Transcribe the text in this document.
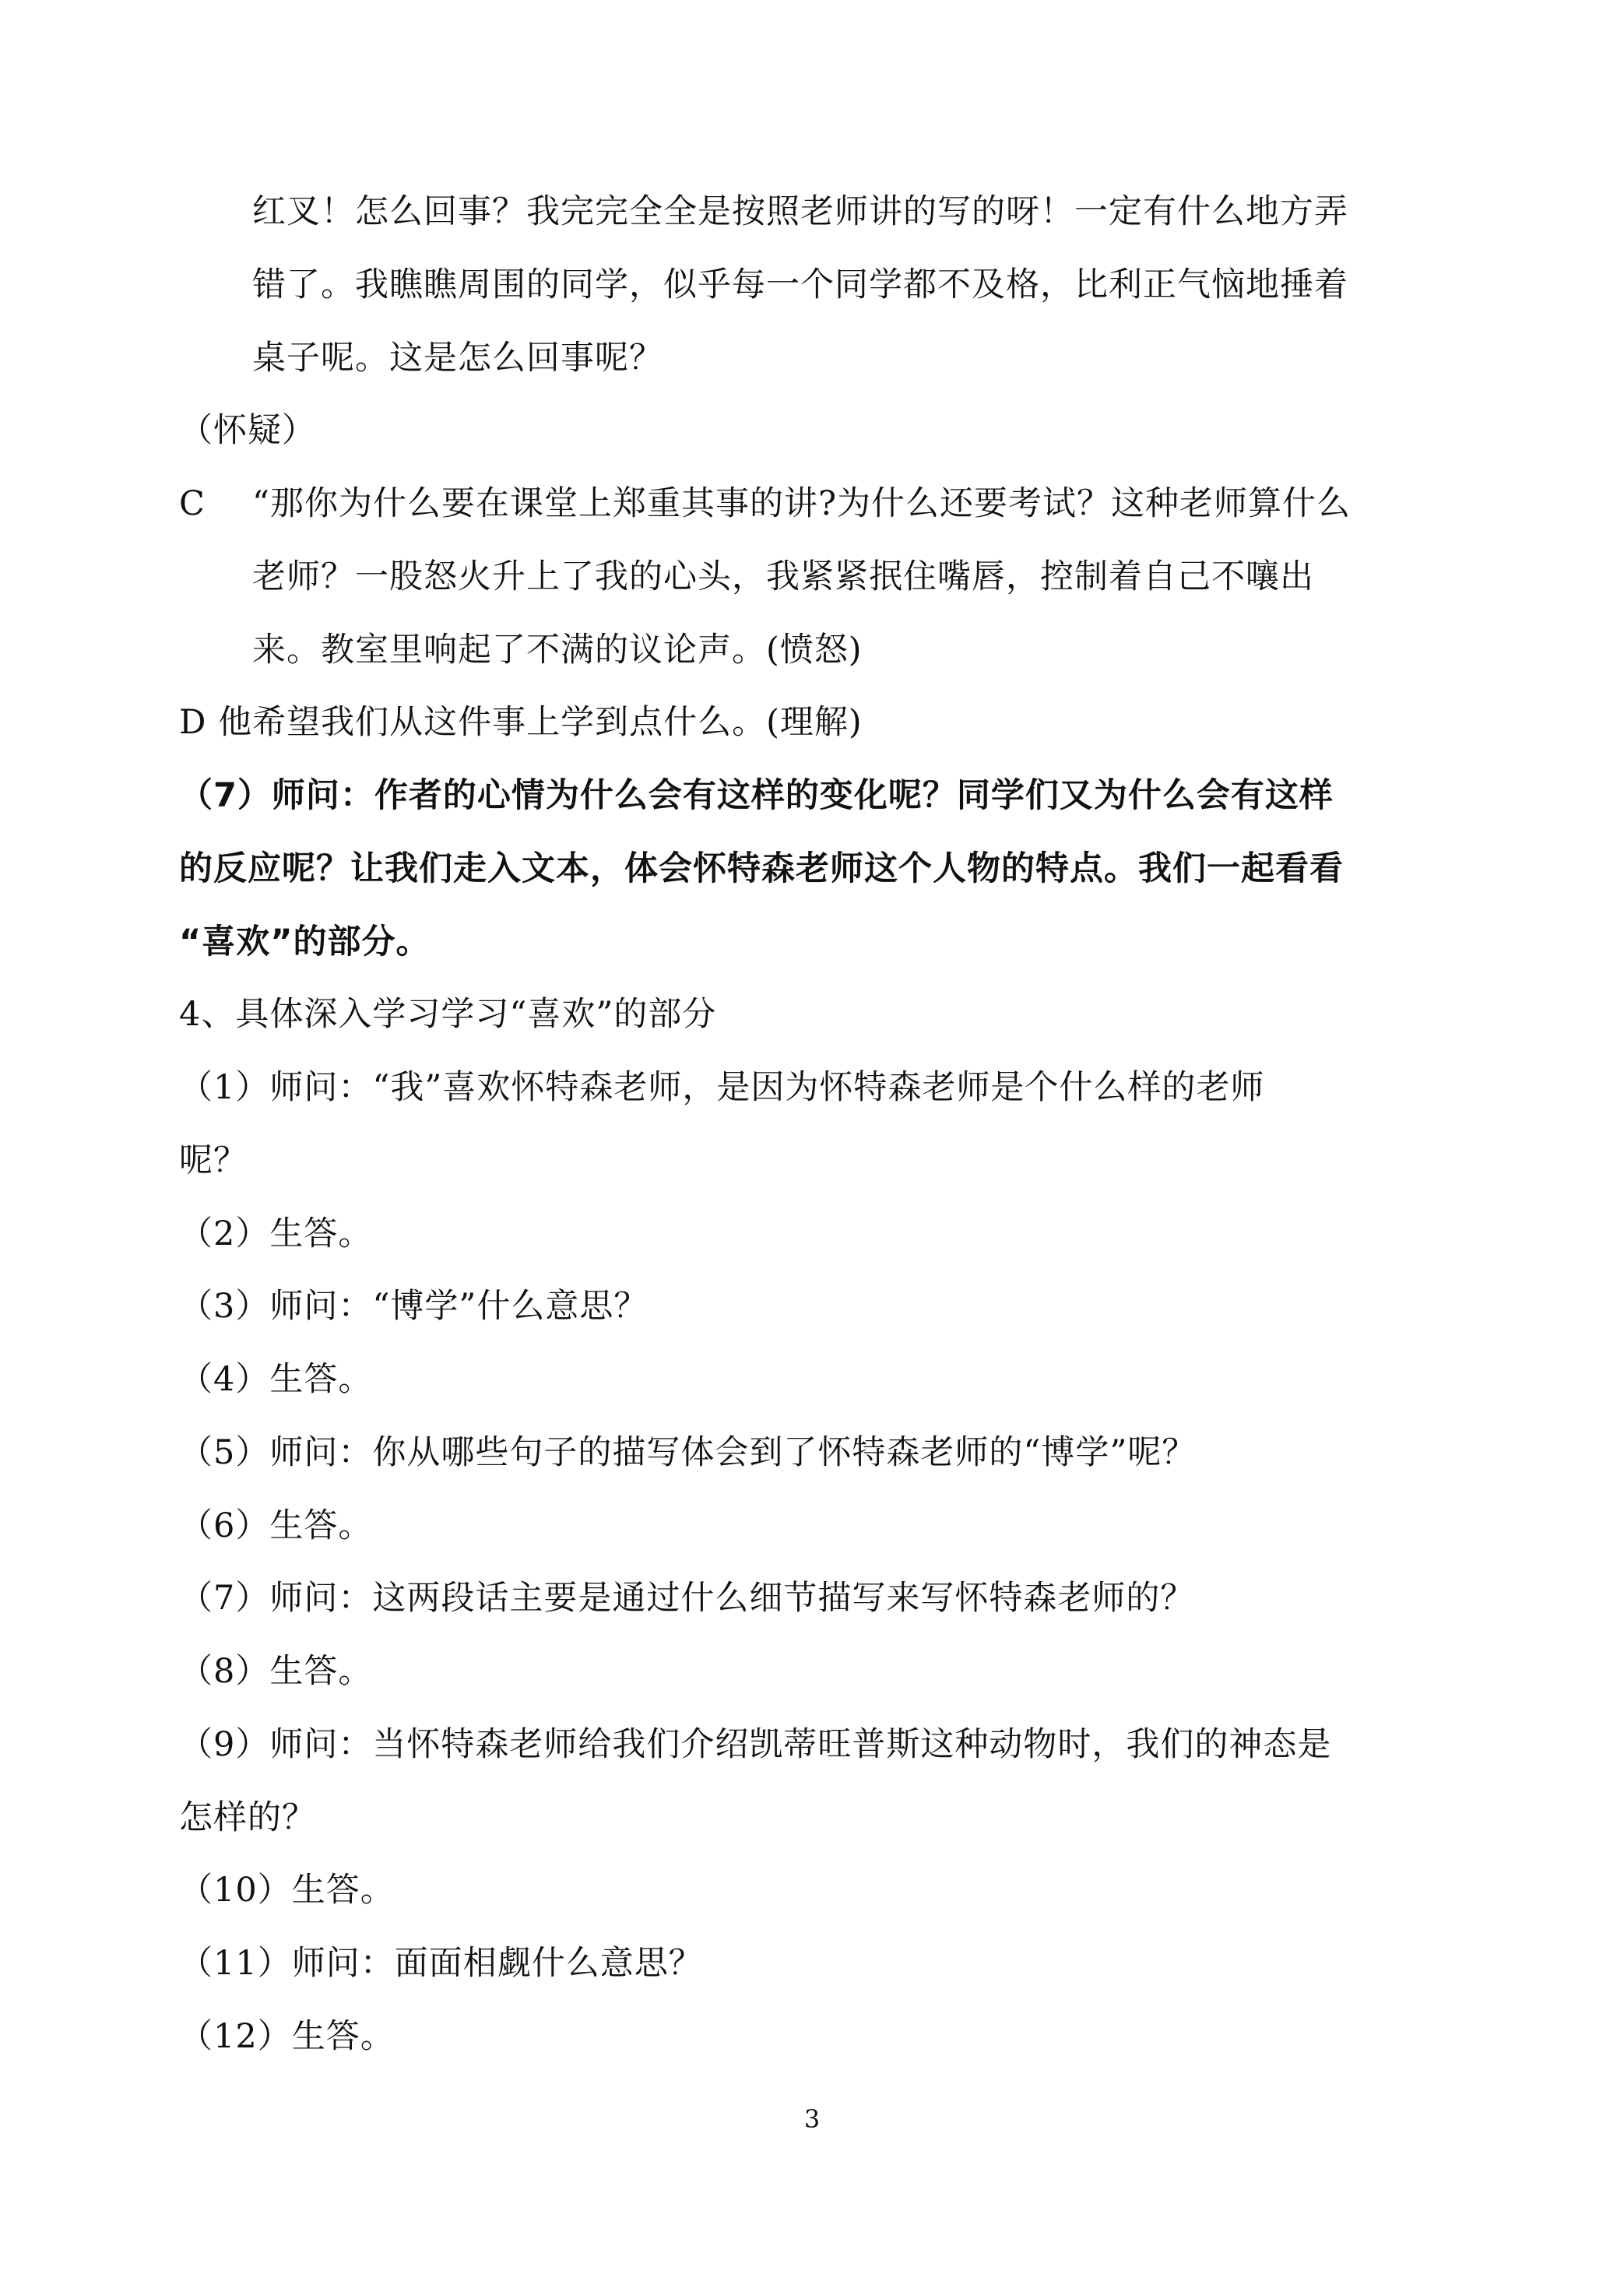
红叉！怎么回事？我完完全全是按照老师讲的写的呀！一定有什么地方弄
错了。我瞧瞧周围的同学，似乎每一个同学都不及格，比利正气恼地捶着
桌子呢。这是怎么回事呢？
（怀疑）
C “那你为什么要在课堂上郑重其事的讲?为什么还要考试？这种老师算什么
老师？一股怒火升上了我的心头，我紧紧抿住嘴唇，控制着自己不嚷出
来。教室里响起了不满的议论声。(愤怒)
D 他希望我们从这件事上学到点什么。(理解)
（7）师问：作者的心情为什么会有这样的变化呢？同学们又为什么会有这样
的反应呢？让我们走入文本，体会怀特森老师这个人物的特点。我们一起看看
“喜欢”的部分。
4、具体深入学习学习“喜欢”的部分
（1）师问：“我”喜欢怀特森老师，是因为怀特森老师是个什么样的老师
呢？
（2）生答。
（3）师问：“博学”什么意思？
（4）生答。
（5）师问：你从哪些句子的描写体会到了怀特森老师的“博学”呢？
（6）生答。
（7）师问：这两段话主要是通过什么细节描写来写怀特森老师的？
（8）生答。
（9）师问：当怀特森老师给我们介绍凯蒂旺普斯这种动物时，我们的神态是
怎样的？
（10）生答。
（11）师问：面面相觑什么意思？
（12）生答。
3
